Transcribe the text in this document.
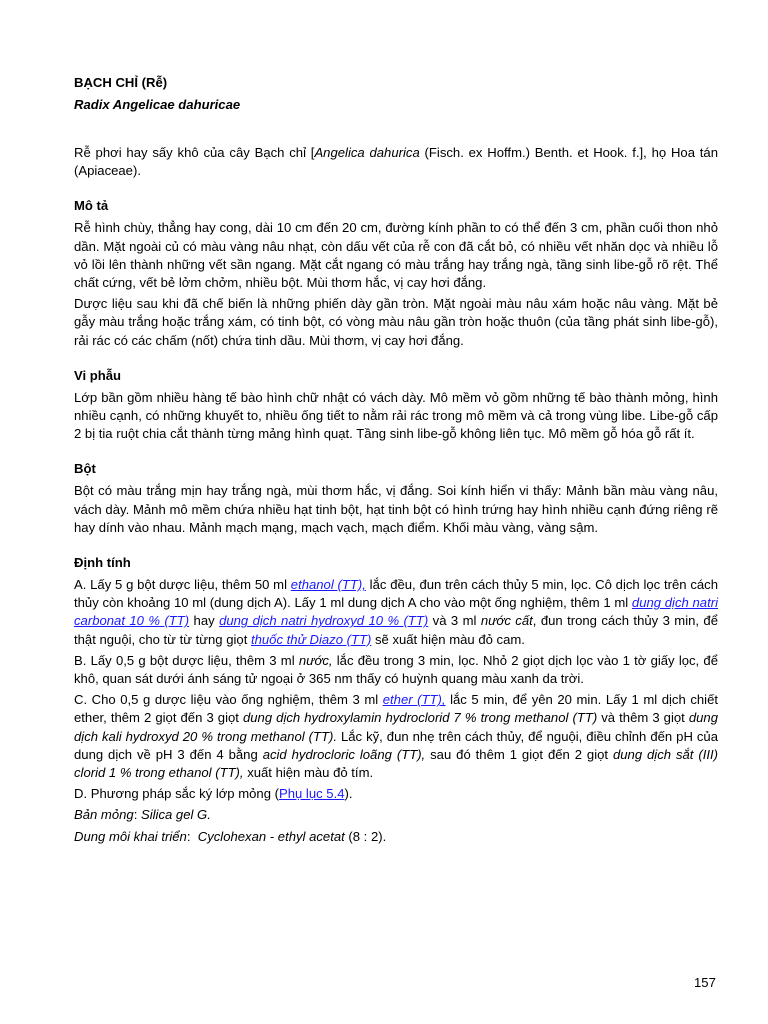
BẠCH CHỈ (Rễ)

Radix Angelicae dahuricae

Rễ phơi hay sấy khô của cây Bạch chỉ [Angelica dahurica (Fisch. ex Hoffm.) Benth. et Hook. f.], họ Hoa tán (Apiaceae).

Mô tả

Rễ hình chùy, thẳng hay cong, dài 10 cm đến 20 cm, đường kính phần to có thể đến 3 cm, phần cuối thon nhỏ dần. Mặt ngoài củ có màu vàng nâu nhạt, còn dấu vết của rễ con đã cắt bỏ, có nhiều vết nhăn dọc và nhiều lỗ vỏ lồi lên thành những vết sần ngang. Mặt cắt ngang có màu trắng hay trắng ngà, tầng sinh libe-gỗ rõ rệt. Thể chất cứng, vết bẻ lởm chởm, nhiều bột. Mùi thơm hắc, vị cay hơi đắng.

Dược liệu sau khi đã chế biến là những phiến dày gần tròn. Mặt ngoài màu nâu xám hoặc nâu vàng. Mặt bẻ gẫy màu trắng hoặc trắng xám, có tinh bột, có vòng màu nâu gần tròn hoặc thuôn (của tầng phát sinh libe-gỗ), rải rác có các chấm (nốt) chứa tinh dầu. Mùi thơm, vị cay hơi đắng.

Vi phẫu

Lớp bần gồm nhiều hàng tế bào hình chữ nhật có vách dày. Mô mềm vỏ gồm những tế bào thành mỏng, hình nhiều cạnh, có những khuyết to, nhiều ống tiết to nằm rải rác trong mô mềm và cả trong vùng libe. Libe-gỗ cấp 2 bị tia ruột chia cắt thành từng mảng hình quạt. Tầng sinh libe-gỗ không liên tục. Mô mềm gỗ hóa gỗ rất ít.

Bột

Bột có màu trắng mịn hay trắng ngà, mùi thơm hắc, vị đắng. Soi kính hiển vi thấy: Mảnh bần màu vàng nâu, vách dày. Mảnh mô mềm chứa nhiều hạt tinh bột, hạt tinh bột có hình trứng hay hình nhiều cạnh đứng riêng rẽ hay dính vào nhau. Mảnh mạch mạng, mạch vạch, mạch điểm. Khối màu vàng, vàng sậm.

Định tính

A. Lấy 5 g bột dược liệu, thêm 50 ml ethanol (TT), lắc đều, đun trên cách thủy 5 min, lọc. Cô dịch lọc trên cách thủy còn khoảng 10 ml (dung dịch A). Lấy 1 ml dung dịch A cho vào một ống nghiệm, thêm 1 ml dung dịch natri carbonat 10 % (TT) hay dung dịch natri hydroxyd 10 % (TT) và 3 ml nước cất, đun trong cách thủy 3 min, để thật nguội, cho từ từ từng giọt thuốc thử Diazo (TT) sẽ xuất hiện màu đỏ cam.

B. Lấy 0,5 g bột dược liệu, thêm 3 ml nước, lắc đều trong 3 min, lọc. Nhỏ 2 giọt dịch lọc vào 1 tờ giấy lọc, để khô, quan sát dưới ánh sáng tử ngoại ở 365 nm thấy có huỳnh quang màu xanh da trời.

C. Cho 0,5 g dược liệu vào ống nghiệm, thêm 3 ml ether (TT), lắc 5 min, để yên 20 min. Lấy 1 ml dịch chiết ether, thêm 2 giọt đến 3 giọt dung dịch hydroxylamin hydroclorid 7 % trong methanol (TT) và thêm 3 giọt dung dịch kali hydroxyd 20 % trong methanol (TT). Lắc kỹ, đun nhẹ trên cách thủy, để nguội, điều chỉnh đến pH của dung dịch về pH 3 đến 4 bằng acid hydrocloric loãng (TT), sau đó thêm 1 giọt đến 2 giọt dung dịch sắt (III) clorid 1 % trong ethanol (TT), xuất hiện màu đỏ tím.

D. Phương pháp sắc ký lớp mỏng (Phụ lục 5.4).

Bản mỏng: Silica gel G.

Dung môi khai triển:  Cyclohexan - ethyl acetat (8 : 2).

157
